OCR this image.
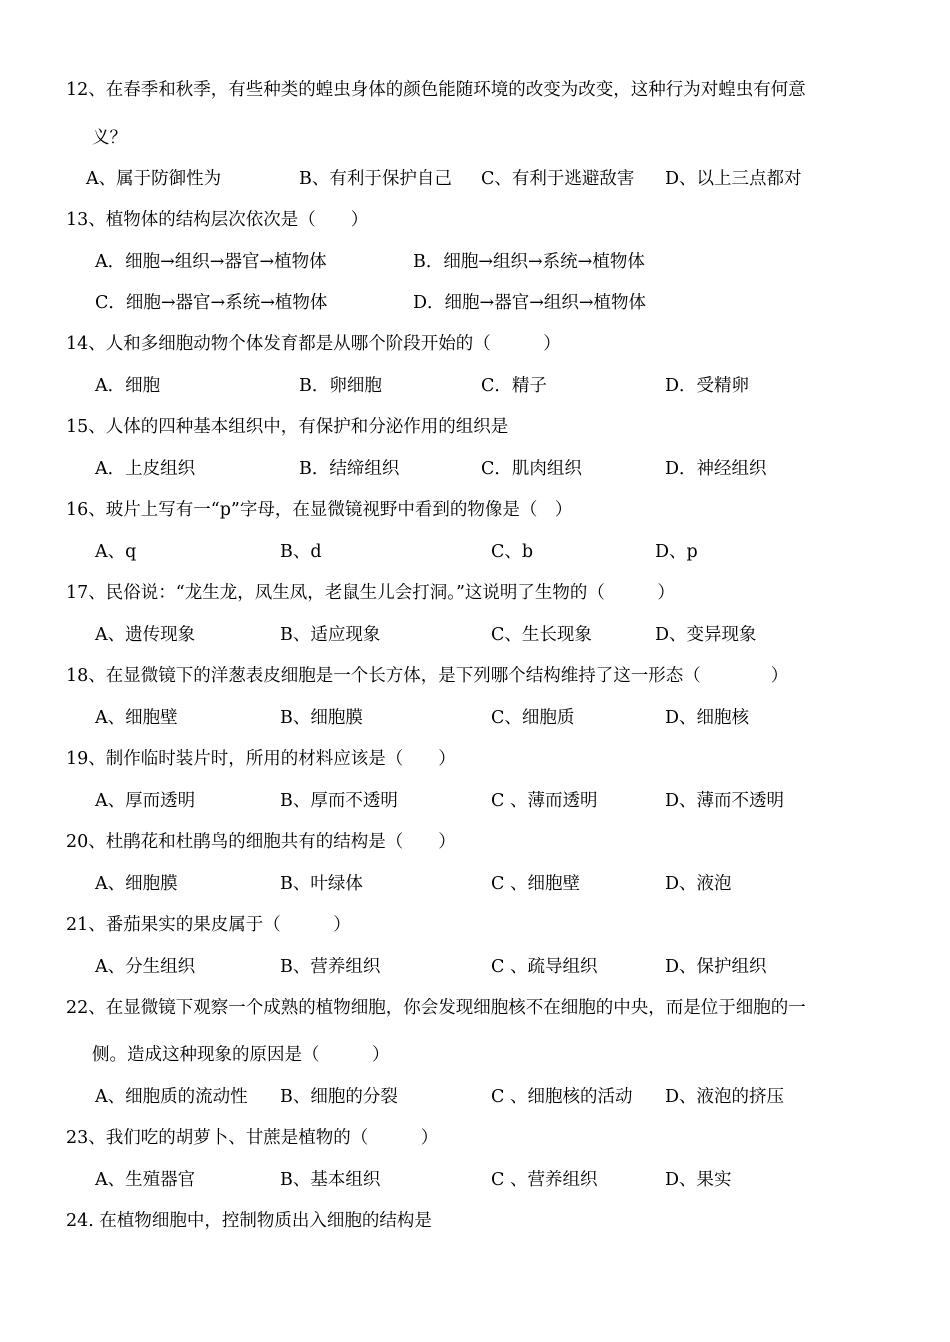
12、在春季和秋季，有些种类的蝗虫身体的颜色能随环境的改变为改变，这种行为对蝗虫有何意
义？
A、属于防御性为	B、有利于保护自己 C、有利于逃避敌害 D、以上三点都对
13、植物体的结构层次依次是（　　）
A．细胞→组织→器官→植物体	B．细胞→组织→系统→植物体
C．细胞→器官→系统→植物体	D．细胞→器官→组织→植物体
14、人和多细胞动物个体发育都是从哪个阶段开始的（　　　）
A．细胞	B．卵细胞	C．精子	D．受精卵
15、人体的四种基本组织中，有保护和分泌作用的组织是
A．上皮组织	B．结缔组织	C．肌肉组织	D．神经组织
16、玻片上写有一“p”字母，在显微镜视野中看到的物像是（　）
A、q	B、d	C、b	D、p
17、民俗说：“龙生龙，凤生凤，老鼠生儿会打洞。”这说明了生物的（　　　）
A、遗传现象	B、适应现象	C、生长现象	D、变异现象
18、在显微镜下的洋葱表皮细胞是一个长方体，是下列哪个结构维持了这一形态（　　　　）
A、细胞壁	B、细胞膜	C、细胞质	D、细胞核
19、制作临时装片时，所用的材料应该是（　　）
A、厚而透明	B、厚而不透明	C 、薄而透明	D、薄而不透明
20、杜鹃花和杜鹃鸟的细胞共有的结构是（　　）
A、细胞膜	B、叶绿体	C 、细胞壁	D、液泡
21、番茄果实的果皮属于（　　　）
A、分生组织	B、营养组织	C 、疏导组织	D、保护组织
22、在显微镜下观察一个成熟的植物细胞，你会发现细胞核不在细胞的中央，而是位于细胞的一
侧。造成这种现象的原因是（　　　）
A、细胞质的流动性 B、细胞的分裂	C 、细胞核的活动 D、液泡的挤压
23、我们吃的胡萝卜、甘蔗是植物的（　　　）
A、生殖器官	B、基本组织	C 、营养组织	D、果实
24. 在植物细胞中，控制物质出入细胞的结构是
